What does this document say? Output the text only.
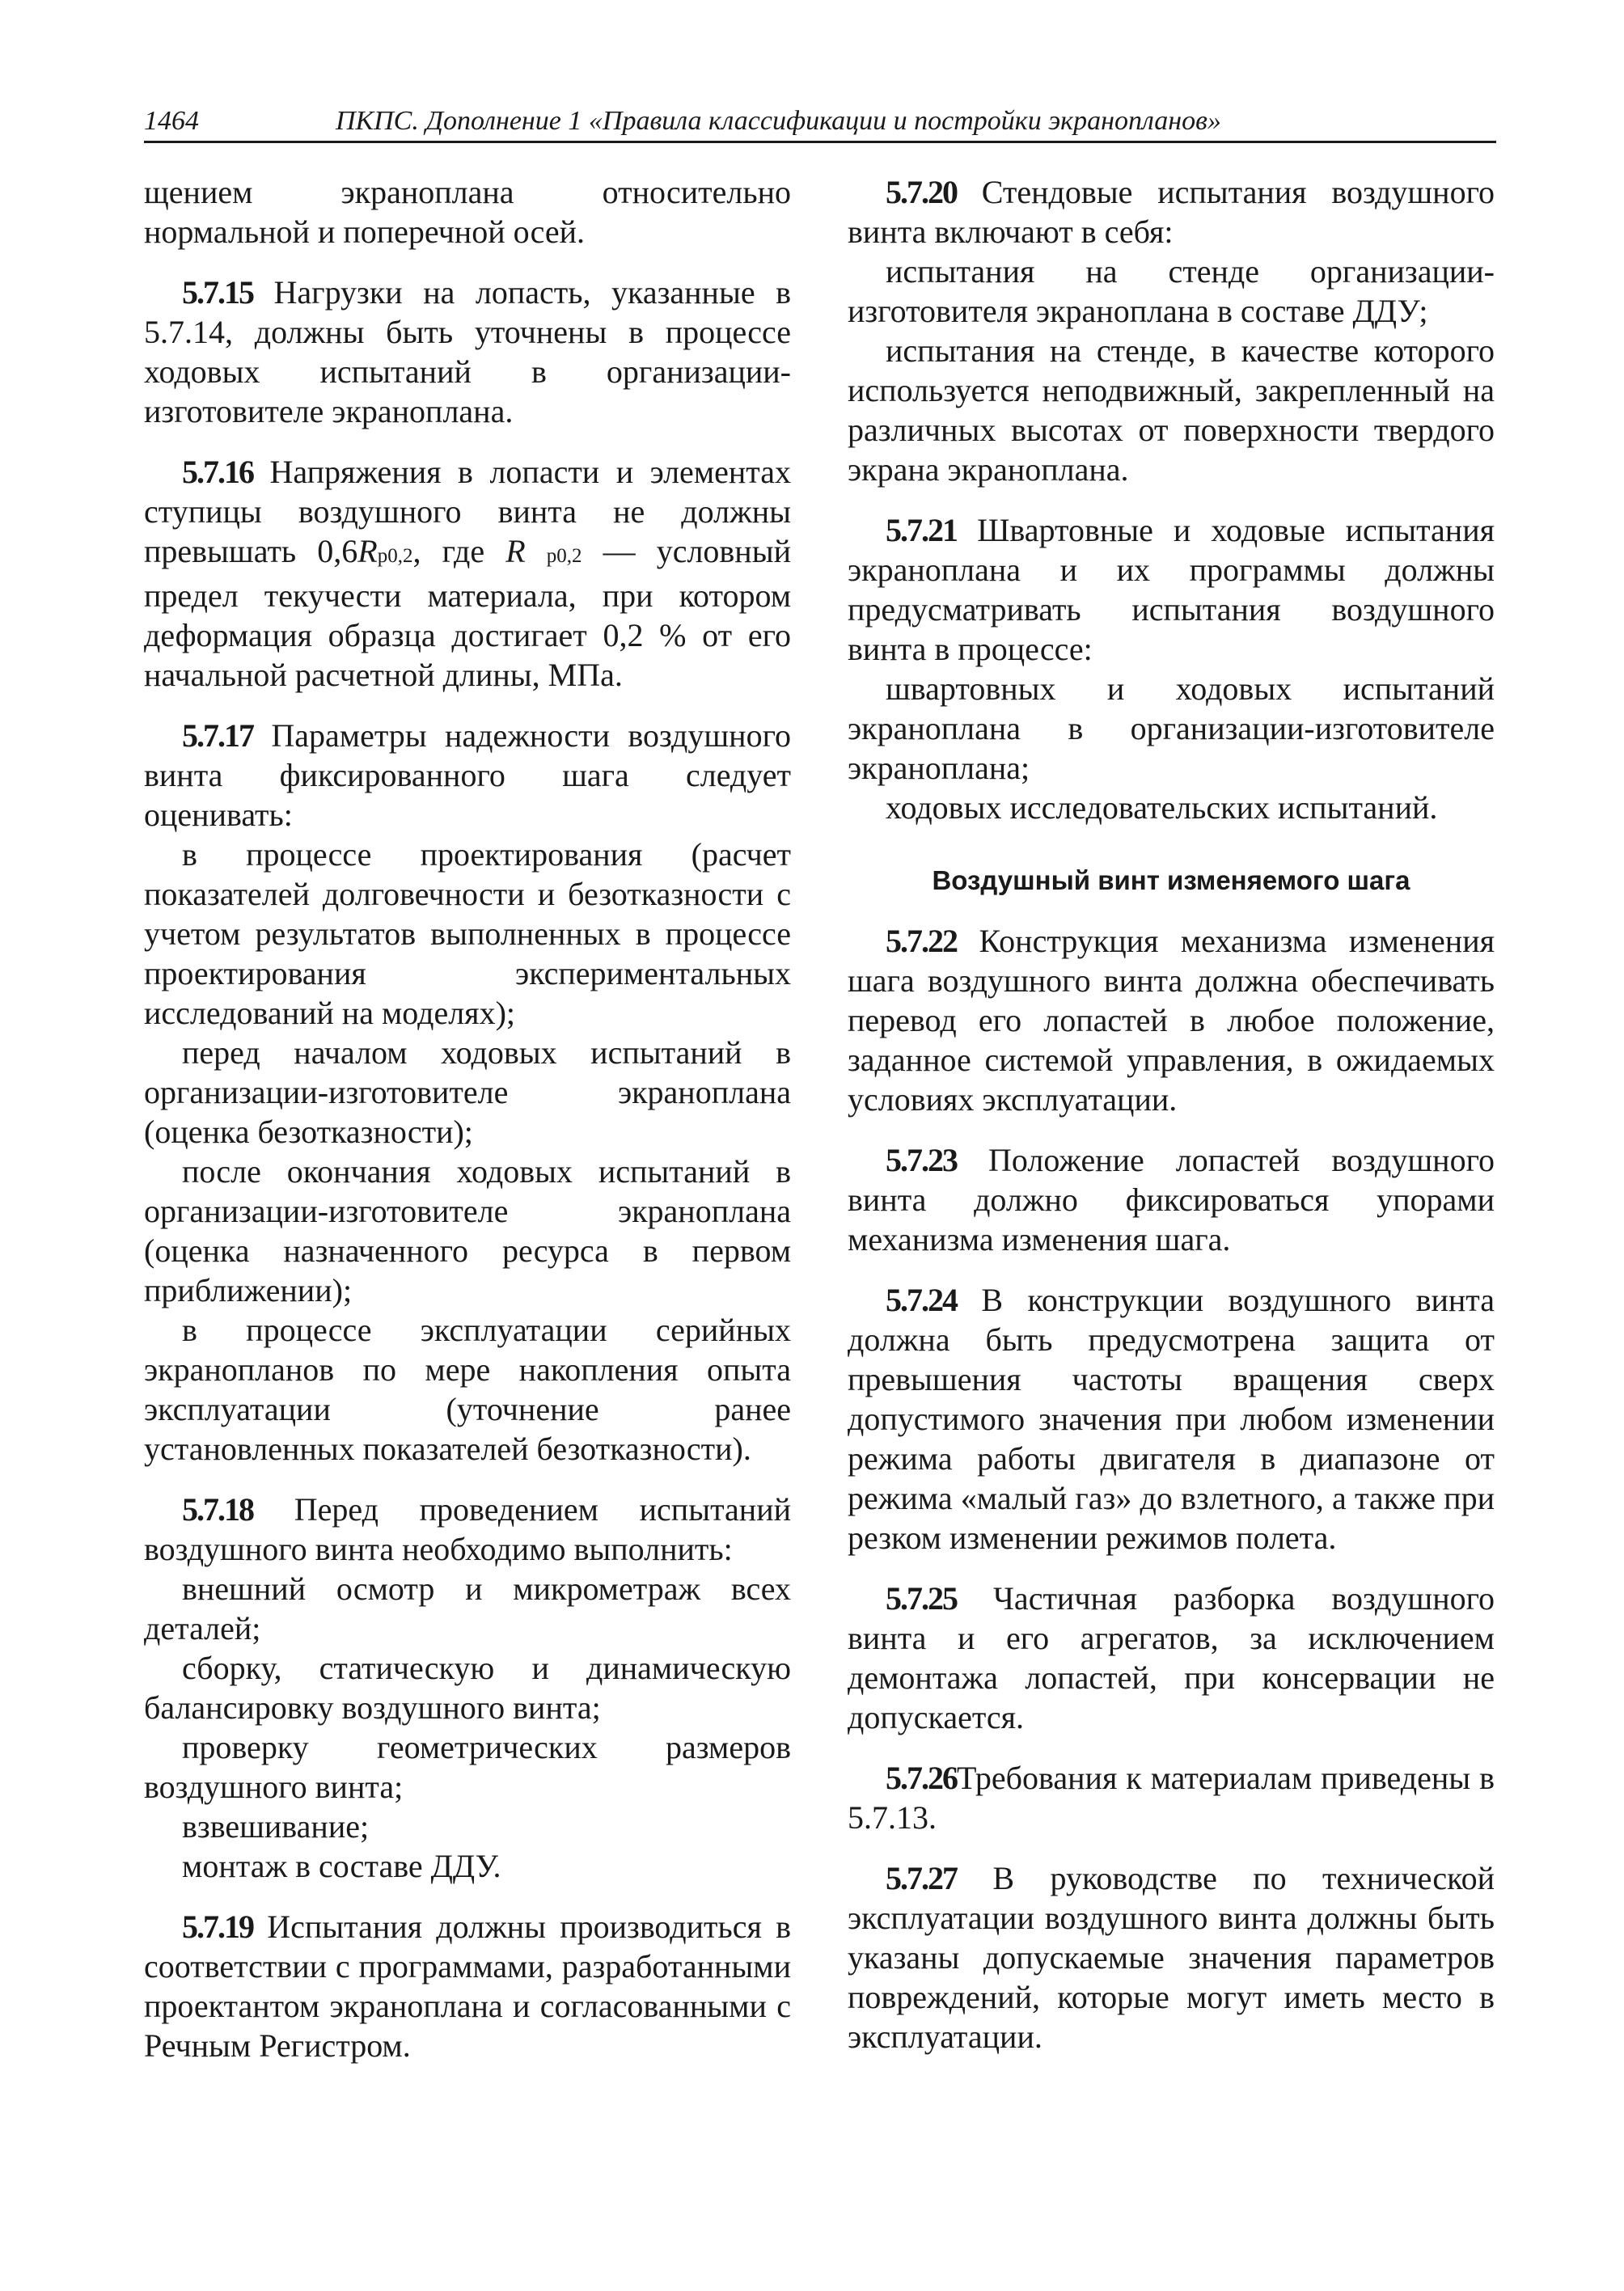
1464	ПКПС. Дополнение 1 «Правила классификации и постройки экранопланов»

щением экраноплана относительно нормальной и поперечной осей.

5.7.15 Нагрузки на лопасть, указанные в 5.7.14, должны быть уточнены в процессе ходовых испытаний в организации-изготовителе экраноплана.

5.7.16 Напряжения в лопасти и элементах ступицы воздушного винта не должны превышать 0,6Rp0,2, где R p0,2 — условный предел текучести материала, при котором деформация образца достигает 0,2 % от его начальной расчетной длины, МПа.

5.7.17 Параметры надежности воздушного винта фиксированного шага следует оценивать:

в процессе проектирования (расчет показателей долговечности и безотказности с учетом результатов выполненных в процессе проектирования экспериментальных исследований на моделях);

перед началом ходовых испытаний в организации-изготовителе экраноплана (оценка безотказности);

после окончания ходовых испытаний в организации-изготовителе экраноплана (оценка назначенного ресурса в первом приближении);

в процессе эксплуатации серийных экранопланов по мере накопления опыта эксплуатации (уточнение ранее установленных показателей безотказности).

5.7.18 Перед проведением испытаний воздушного винта необходимо выполнить:

внешний осмотр и микрометраж всех деталей;

сборку, статическую и динамическую балансировку воздушного винта;

проверку геометрических размеров воздушного винта;

взвешивание;

монтаж в составе ДДУ.

5.7.19 Испытания должны производиться в соответствии с программами, разработанными проектантом экраноплана и согласованными с Речным Регистром.

5.7.20 Стендовые испытания воздушного винта включают в себя:

испытания на стенде организации-изготовителя экраноплана в составе ДДУ;

испытания на стенде, в качестве которого используется неподвижный, закрепленный на различных высотах от поверхности твердого экрана экраноплана.

5.7.21 Швартовные и ходовые испытания экраноплана и их программы должны предусматривать испытания воздушного винта в процессе:

швартовных и ходовых испытаний экраноплана в организации-изготовителе экраноплана;

ходовых исследовательских испытаний.

Воздушный винт изменяемого шага

5.7.22 Конструкция механизма изменения шага воздушного винта должна обеспечивать перевод его лопастей в любое положение, заданное системой управления, в ожидаемых условиях эксплуатации.

5.7.23 Положение лопастей воздушного винта должно фиксироваться упорами механизма изменения шага.

5.7.24 В конструкции воздушного винта должна быть предусмотрена защита от превышения частоты вращения сверх допустимого значения при любом изменении режима работы двигателя в диапазоне от режима «малый газ» до взлетного, а также при резком изменении режимов полета.

5.7.25 Частичная разборка воздушного винта и его агрегатов, за исключением демонтажа лопастей, при консервации не допускается.

5.7.26Требования к материалам приведены в 5.7.13.

5.7.27 В руководстве по технической эксплуатации воздушного винта должны быть указаны допускаемые значения параметров повреждений, которые могут иметь место в эксплуатации.
